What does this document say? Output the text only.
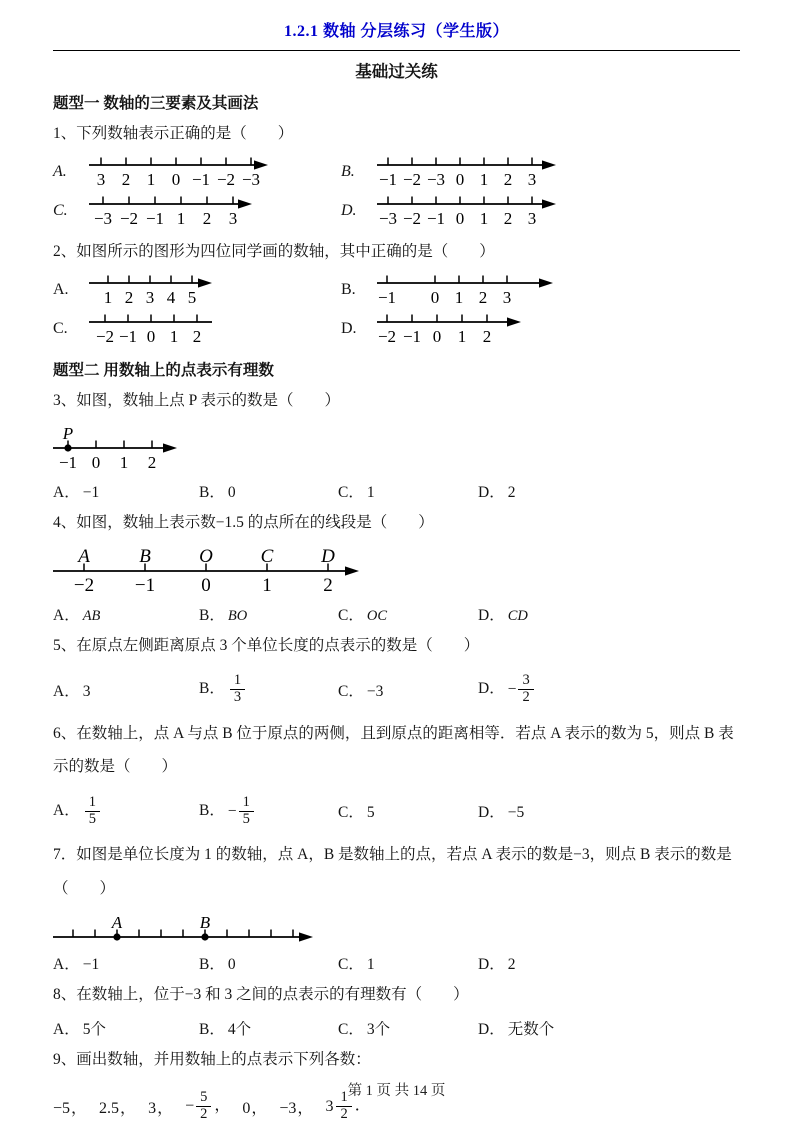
1.2.1 数轴 分层练习（学生版）
基础过关练
题型一 数轴的三要素及其画法
1、下列数轴表示正确的是（　　）
A.	3 2 1 0 −1 −2 −3	B.	−1 −2 −3 0 1 2 3
C.	−3 −2 −1 1 2 3	D.	−3 −2 −1 0 1 2 3
2、如图所示的图形为四位同学画的数轴，其中正确的是（　　）
A.	1 2 3 4 5	B.	−1 0 1 2 3
C.	−2 −1 0 1 2	D.	−2 −1 0 1 2
题型二 用数轴上的点表示有理数
3、如图，数轴上点 P 表示的数是（　　）
−1 0 1 2
P
A． −1	B． 0	C． 1	D． 2
4、如图，数轴上表示数−1.5 的点所在的线段是（　　）
−2 −1 0	1	2
A	B	O	C	D
A． AB	B． BO	C． OC	D． CD
5、在原点左侧距离原点 3 个单位长度的点表示的数是（　　）
A． 3	B． $\frac{1}{3}$	C． −3	D． − $\frac{3}{2}$
6、在数轴上，点 A 与点 B 位于原点的两侧，且到原点的距离相等．若点 A 表示的数为 5，则点 B 表示的数是（　　）
A． $\frac{1}{5}$	B． − $\frac{1}{5}$	C． 5	D． −5
7．如图是单位长度为 1 的数轴，点 A，B 是数轴上的点，若点 A 表示的数是−3，则点 B 表示的数是（　　）
A	B
A． −1	B． 0	C． 1	D． 2
8、在数轴上，位于−3 和 3 之间的点表示的有理数有（　　）
A． 5个	B． 4个	C． 3个	D． 无数个
9、画出数轴，并用数轴上的点表示下列各数：
−5， 2.5， 3， − $\frac{5}{2}$ ， 0， −3， $3 \frac{1}{2}$ ．
第 1 页 共 14 页
